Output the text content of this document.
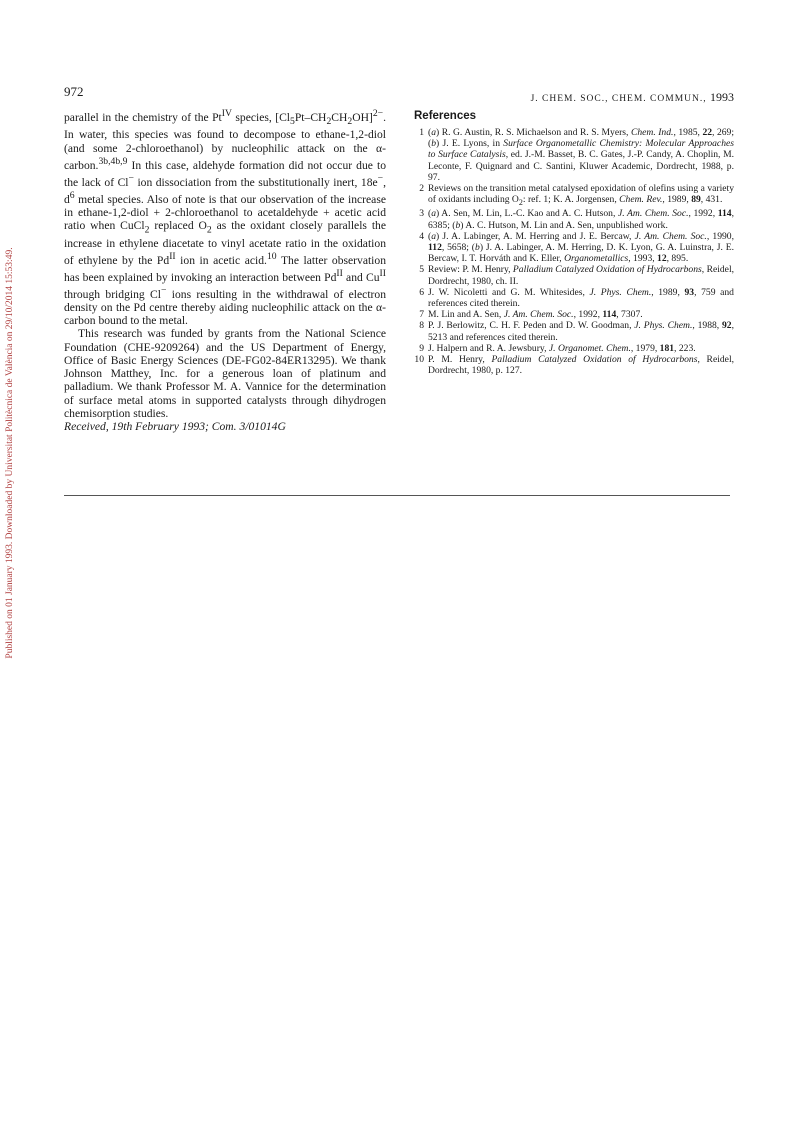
Published on 01 January 1993. Downloaded by Universitat Politècnica de València on 29/10/2014 15:53:49.
972	J. CHEM. SOC., CHEM. COMMUN., 1993

parallel in the chemistry of the $Pt^{IV}$ species, $[Cl_5Pt-CH_2CH_2OH]^{2-}$. In water, this species was found to decompose to ethane-1,2-diol (and some 2-chloroethanol) by nucleophilic attack on the α-carbon.$^{3b,4b,9}$ In this case, aldehyde formation did not occur due to the lack of Cl− ion dissociation from the substitutionally inert, 18e−, $d^6$ metal species. Also of note is that our observation of the increase in ethane-1,2-diol + 2-chloroethanol to acetaldehyde + acetic acid ratio when CuCl$_2$ replaced $O_2$ as the oxidant closely parallels the increase in ethylene diacetate to vinyl acetate ratio in the oxidation of ethylene by the $Pd^{II}$ ion in acetic acid.$^{10}$ The latter observation has been explained by invoking an interaction between $Pd^{II}$ and $Cu^{II}$ through bridging Cl− ions resulting in the withdrawal of electron density on the Pd centre thereby aiding nucleophilic attack on the α-carbon bound to the metal.

This research was funded by grants from the National Science Foundation (CHE-9209264) and the US Department of Energy, Office of Basic Energy Sciences (DE-FG02-84ER13295). We thank Johnson Matthey, Inc. for a generous loan of platinum and palladium. We thank Professor M. A. Vannice for the determination of surface metal atoms in supported catalysts through dihydrogen chemisorption studies.

Received, 19th February 1993; Com. 3/01014G

References
1 (a) R. G. Austin, R. S. Michaelson and R. S. Myers, Chem. Ind., 1985, 22, 269; (b) J. E. Lyons, in Surface Organometallic Chemistry: Molecular Approaches to Surface Catalysis, ed. J.-M. Basset, B. C. Gates, J.-P. Candy, A. Choplin, M. Leconte, F. Quignard and C. Santini, Kluwer Academic, Dordrecht, 1988, p. 97.
2 Reviews on the transition metal catalysed epoxidation of olefins using a variety of oxidants including $O_2$: ref. 1; K. A. Jorgensen, Chem. Rev., 1989, 89, 431.
3 (a) A. Sen, M. Lin, L.-C. Kao and A. C. Hutson, J. Am. Chem. Soc., 1992, 114, 6385; (b) A. C. Hutson, M. Lin and A. Sen, unpublished work.
4 (a) J. A. Labinger, A. M. Herring and J. E. Bercaw, J. Am. Chem. Soc., 1990, 112, 5658; (b) J. A. Labinger, A. M. Herring, D. K. Lyon, G. A. Luinstra, J. E. Bercaw, I. T. Horváth and K. Eller, Organometallics, 1993, 12, 895.
5 Review: P. M. Henry, Palladium Catalyzed Oxidation of Hydrocarbons, Reidel, Dordrecht, 1980, ch. II.
6 J. W. Nicoletti and G. M. Whitesides, J. Phys. Chem., 1989, 93, 759 and references cited therein.
7 M. Lin and A. Sen, J. Am. Chem. Soc., 1992, 114, 7307.
8 P. J. Berlowitz, C. H. F. Peden and D. W. Goodman, J. Phys. Chem., 1988, 92, 5213 and references cited therein.
9 J. Halpern and R. A. Jewsbury, J. Organomet. Chem., 1979, 181, 223.
10 P. M. Henry, Palladium Catalyzed Oxidation of Hydrocarbons, Reidel, Dordrecht, 1980, p. 127.
